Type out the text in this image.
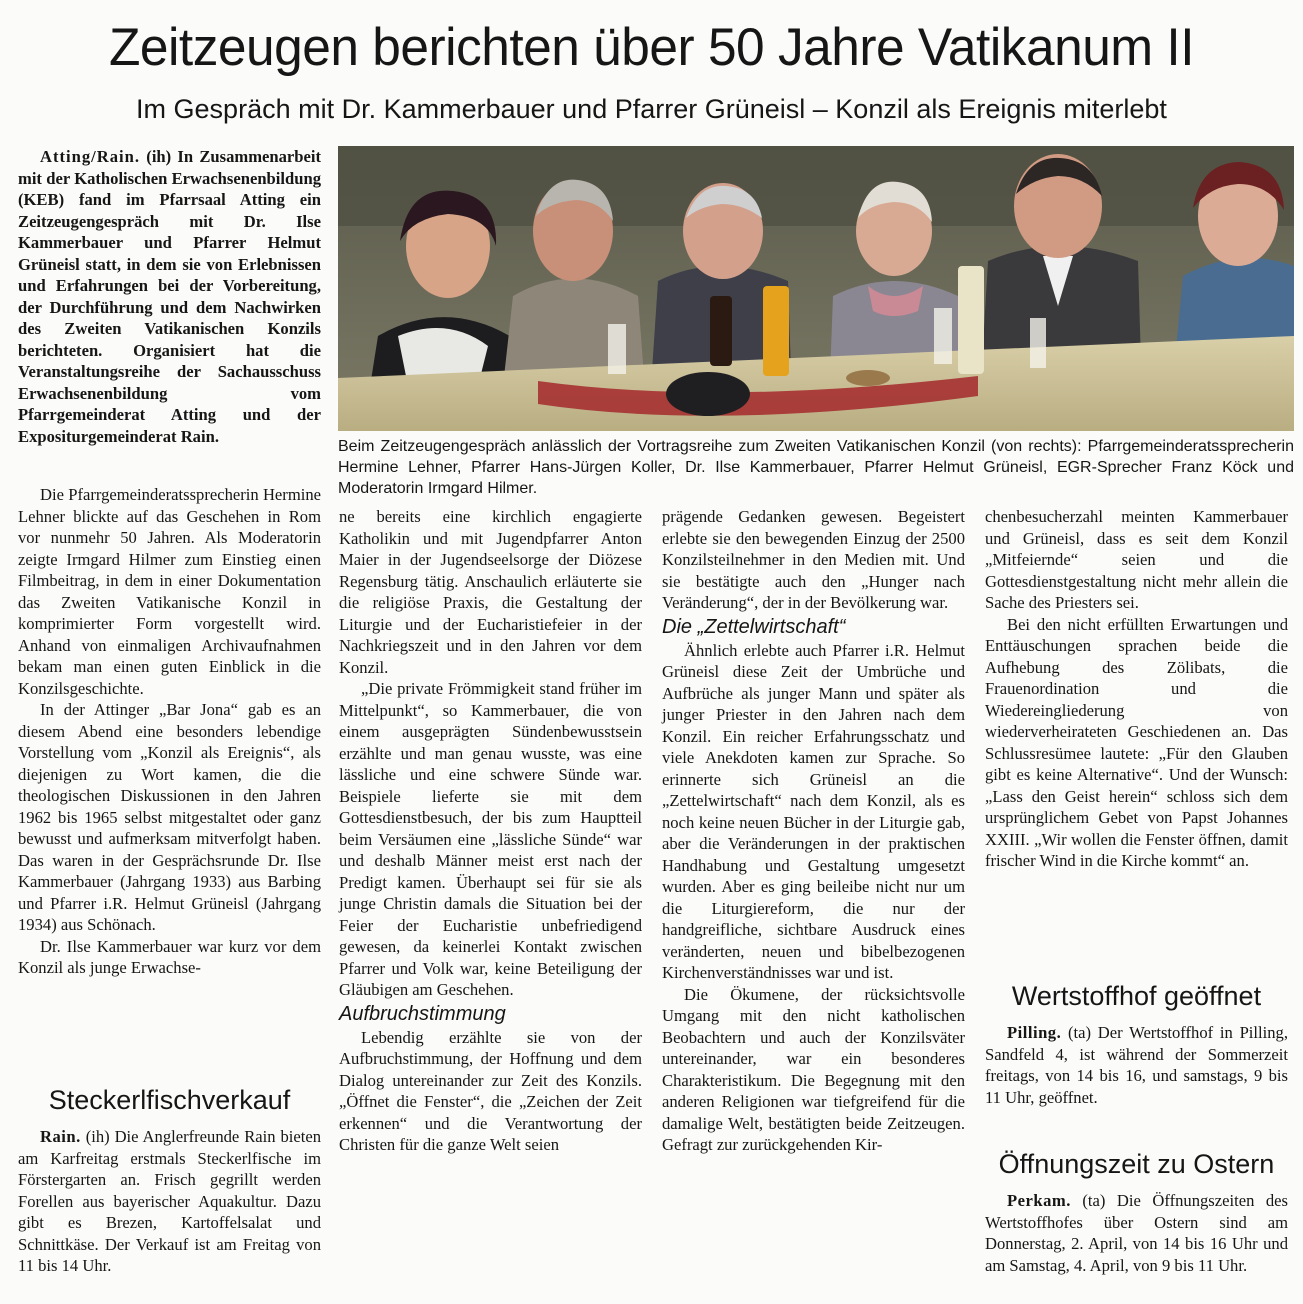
Zeitzeugen berichten über 50 Jahre Vatikanum II
Im Gespräch mit Dr. Kammerbauer und Pfarrer Grüneisl – Konzil als Ereignis miterlebt

Atting/Rain. (ih) In Zusammenarbeit mit der Katholischen Erwachsenenbildung (KEB) fand im Pfarrsaal Atting ein Zeitzeugengespräch mit Dr. Ilse Kammerbauer und Pfarrer Helmut Grüneisl statt, in dem sie von Erlebnissen und Erfahrungen bei der Vorbereitung, der Durchführung und dem Nachwirken des Zweiten Vatikanischen Konzils berichteten. Organisiert hat die Veranstaltungsreihe der Sachausschuss Erwachsenenbildung vom Pfarrgemeinderat Atting und der Expositurgemeinderat Rain.

Beim Zeitzeugengespräch anlässlich der Vortragsreihe zum Zweiten Vatikanischen Konzil (von rechts): Pfarrgemeinderatssprecherin Hermine Lehner, Pfarrer Hans-Jürgen Koller, Dr. Ilse Kammerbauer, Pfarrer Helmut Grüneisl, EGR-Sprecher Franz Köck und Moderatorin Irmgard Hilmer.

Die Pfarrgemeinderatssprecherin Hermine Lehner blickte auf das Geschehen in Rom vor nunmehr 50 Jahren. Als Moderatorin zeigte Irmgard Hilmer zum Einstieg einen Filmbeitrag, in dem in einer Dokumentation das Zweiten Vatikanische Konzil in komprimierter Form vorgestellt wird. Anhand von einmaligen Archivaufnahmen bekam man einen guten Einblick in die Konzilsgeschichte.

In der Attinger „Bar Jona“ gab es an diesem Abend eine besonders lebendige Vorstellung vom „Konzil als Ereignis“, als diejenigen zu Wort kamen, die die theologischen Diskussionen in den Jahren 1962 bis 1965 selbst mitgestaltet oder ganz bewusst und aufmerksam mitverfolgt haben. Das waren in der Gesprächsrunde Dr. Ilse Kammerbauer (Jahrgang 1933) aus Barbing und Pfarrer i.R. Helmut Grüneisl (Jahrgang 1934) aus Schönach.

Dr. Ilse Kammerbauer war kurz vor dem Konzil als junge Erwachse-

Steckerlfischverkauf

Rain. (ih) Die Anglerfreunde Rain bieten am Karfreitag erstmals Steckerlfische im Förstergarten an. Frisch gegrillt werden Forellen aus bayerischer Aquakultur. Dazu gibt es Brezen, Kartoffelsalat und Schnittkäse. Der Verkauf ist am Freitag von 11 bis 14 Uhr.

ne bereits eine kirchlich engagierte Katholikin und mit Jugendpfarrer Anton Maier in der Jugendseelsorge der Diözese Regensburg tätig. Anschaulich erläuterte sie die religiöse Praxis, die Gestaltung der Liturgie und der Eucharistiefeier in der Nachkriegszeit und in den Jahren vor dem Konzil.

„Die private Frömmigkeit stand früher im Mittelpunkt“, so Kammerbauer, die von einem ausgeprägten Sündenbewusstsein erzählte und man genau wusste, was eine lässliche und eine schwere Sünde war. Beispiele lieferte sie mit dem Gottesdienstbesuch, der bis zum Hauptteil beim Versäumen eine „lässliche Sünde“ war und deshalb Männer meist erst nach der Predigt kamen. Überhaupt sei für sie als junge Christin damals die Situation bei der Feier der Eucharistie unbefriedigend gewesen, da keinerlei Kontakt zwischen Pfarrer und Volk war, keine Beteiligung der Gläubigen am Geschehen.

Aufbruchstimmung

Lebendig erzählte sie von der Aufbruchstimmung, der Hoffnung und dem Dialog untereinander zur Zeit des Konzils. „Öffnet die Fenster“, die „Zeichen der Zeit erkennen“ und die Verantwortung der Christen für die ganze Welt seien

prägende Gedanken gewesen. Begeistert erlebte sie den bewegenden Einzug der 2500 Konzilsteilnehmer in den Medien mit. Und sie bestätigte auch den „Hunger nach Veränderung“, der in der Bevölkerung war.

Die „Zettelwirtschaft“

Ähnlich erlebte auch Pfarrer i.R. Helmut Grüneisl diese Zeit der Umbrüche und Aufbrüche als junger Mann und später als junger Priester in den Jahren nach dem Konzil. Ein reicher Erfahrungsschatz und viele Anekdoten kamen zur Sprache. So erinnerte sich Grüneisl an die „Zettelwirtschaft“ nach dem Konzil, als es noch keine neuen Bücher in der Liturgie gab, aber die Veränderungen in der praktischen Handhabung und Gestaltung umgesetzt wurden. Aber es ging beileibe nicht nur um die Liturgiereform, die nur der handgreifliche, sichtbare Ausdruck eines veränderten, neuen und bibelbezogenen Kirchenverständnisses war und ist.

Die Ökumene, der rücksichtsvolle Umgang mit den nicht katholischen Beobachtern und auch der Konzilsväter untereinander, war ein besonderes Charakteristikum. Die Begegnung mit den anderen Religionen war tiefgreifend für die damalige Welt, bestätigten beide Zeitzeugen. Gefragt zur zurückgehenden Kir-

chenbesucherzahl meinten Kammerbauer und Grüneisl, dass es seit dem Konzil „Mitfeiernde“ seien und die Gottesdienstgestaltung nicht mehr allein die Sache des Priesters sei.

Bei den nicht erfüllten Erwartungen und Enttäuschungen sprachen beide die Aufhebung des Zölibats, die Frauenordination und die Wiedereingliederung von wiederverheirateten Geschiedenen an. Das Schlussresümee lautete: „Für den Glauben gibt es keine Alternative“. Und der Wunsch: „Lass den Geist herein“ schloss sich dem ursprünglichem Gebet von Papst Johannes XXIII. „Wir wollen die Fenster öffnen, damit frischer Wind in die Kirche kommt“ an.

Wertstoffhof geöffnet

Pilling. (ta) Der Wertstoffhof in Pilling, Sandfeld 4, ist während der Sommerzeit freitags, von 14 bis 16, und samstags, 9 bis 11 Uhr, geöffnet.

Öffnungszeit zu Ostern

Perkam. (ta) Die Öffnungszeiten des Wertstoffhofes über Ostern sind am Donnerstag, 2. April, von 14 bis 16 Uhr und am Samstag, 4. April, von 9 bis 11 Uhr.
